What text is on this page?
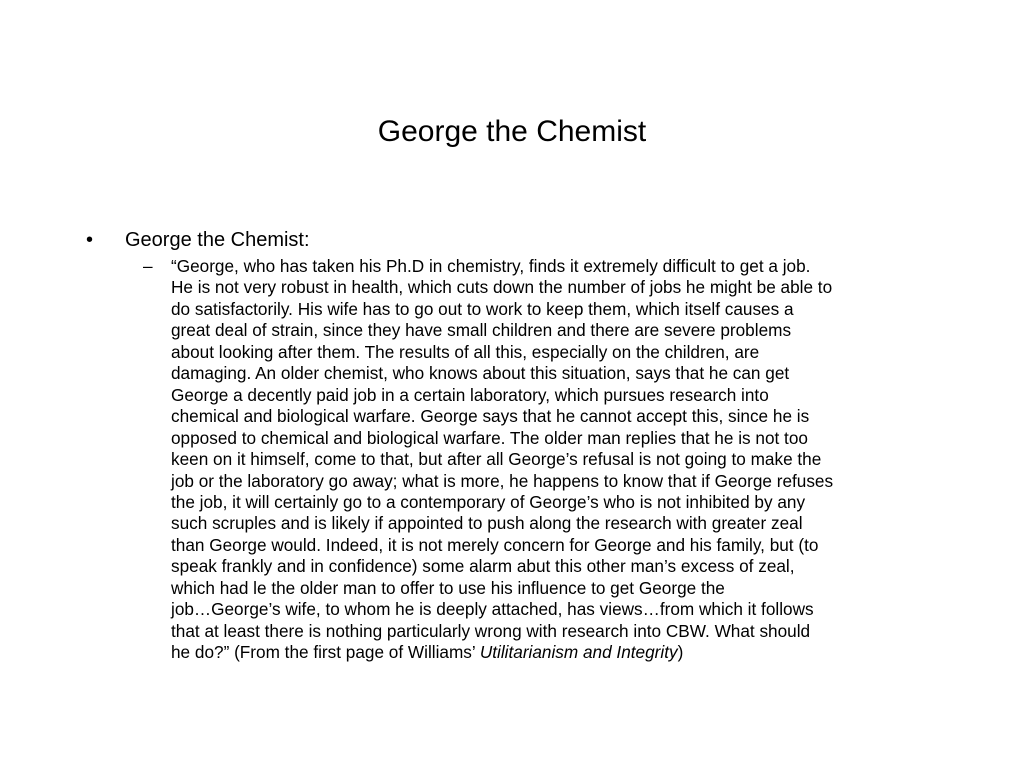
George the Chemist
• George the Chemist:
– “George, who has taken his Ph.D in chemistry, finds it extremely difficult to get a job.
He is not very robust in health, which cuts down the number of jobs he might be able to
do satisfactorily. His wife has to go out to work to keep them, which itself causes a
great deal of strain, since they have small children and there are severe problems
about looking after them. The results of all this, especially on the children, are
damaging. An older chemist, who knows about this situation, says that he can get
George a decently paid job in a certain laboratory, which pursues research into
chemical and biological warfare. George says that he cannot accept this, since he is
opposed to chemical and biological warfare. The older man replies that he is not too
keen on it himself, come to that, but after all George’s refusal is not going to make the
job or the laboratory go away; what is more, he happens to know that if George refuses
the job, it will certainly go to a contemporary of George’s who is not inhibited by any
such scruples and is likely if appointed to push along the research with greater zeal
than George would. Indeed, it is not merely concern for George and his family, but (to
speak frankly and in confidence) some alarm abut this other man’s excess of zeal,
which had le the older man to offer to use his influence to get George the
job…George’s wife, to whom he is deeply attached, has views…from which it follows
that at least there is nothing particularly wrong with research into CBW. What should
he do?” (From the first page of Williams’ Utilitarianism and Integrity)
